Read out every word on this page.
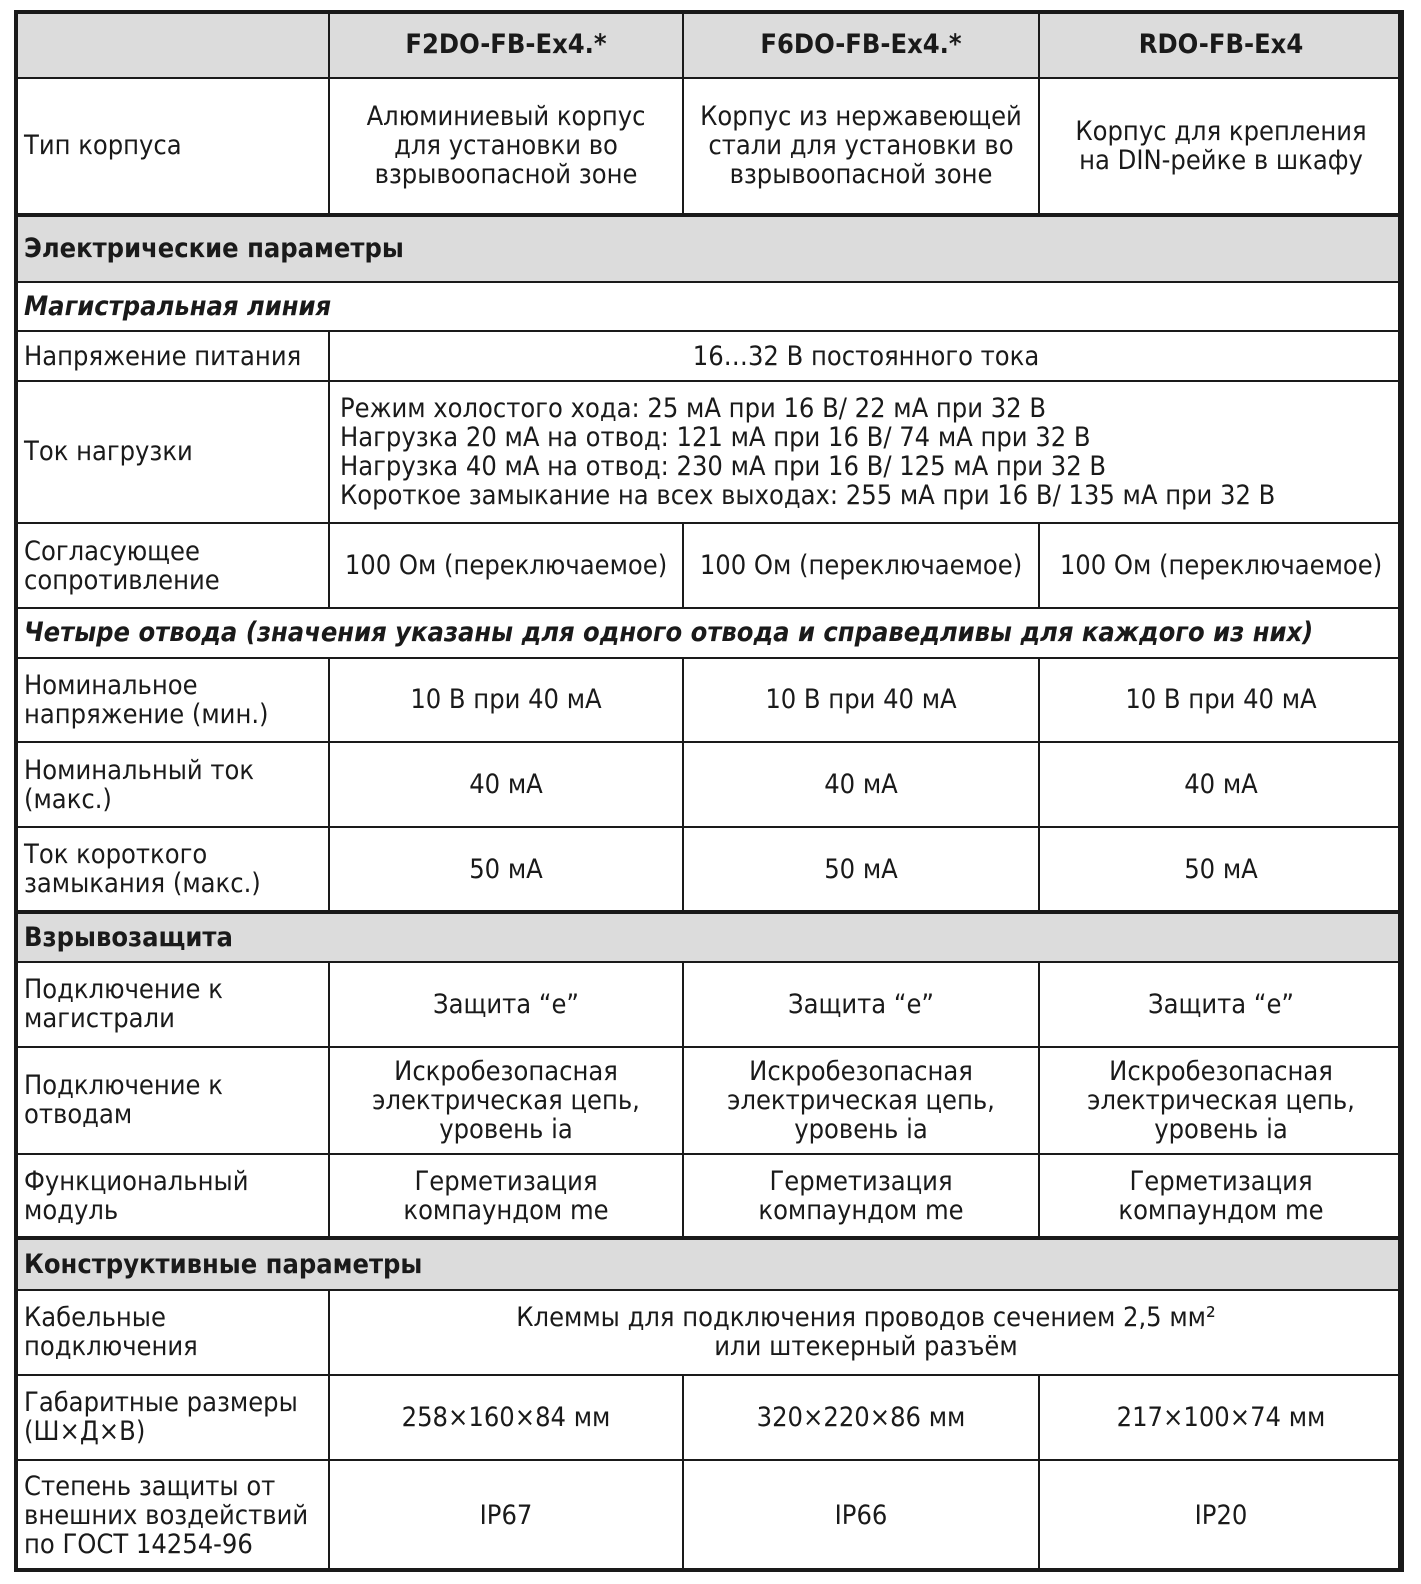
	F2DO-FB-Ex4.*	F6DO-FB-Ex4.*	RDO-FB-Ex4
Тип корпуса	Алюминиевый корпус
для установки во
взрывоопасной зоне	Корпус из нержавеющей
стали для установки во
взрывоопасной зоне	Корпус для крепления
на DIN-рейке в шкафу
Электрические параметры			
Магистральная линия			
Напряжение питания	16…32 В постоянного тока		
Ток нагрузки	Режим холостого хода: 25 мА при 16 В/ 22 мА при 32 В
Нагрузка 20 мА на отвод: 121 мА при 16 В/ 74 мА при 32 В
Нагрузка 40 мА на отвод: 230 мА при 16 В/ 125 мА при 32 В
Короткое замыкание на всех выходах: 255 мА при 16 В/ 135 мА при 32 В		
Согласующее
сопротивление	100 Ом (переключаемое)	100 Ом (переключаемое)	100 Ом (переключаемое)
Четыре отвода (значения указаны для одного отвода и справедливы для каждого из них)			
Номинальное
напряжение (мин.)	10 В при 40 мА	10 В при 40 мА	10 В при 40 мА
Номинальный ток
(макс.)	40 мА	40 мА	40 мА
Ток короткого
замыкания (макс.)	50 мА	50 мА	50 мА
Взрывозащита			
Подключение к
магистрали	Защита “е”	Защита “е”	Защита “е”
Подключение к
отводам	Искробезопасная
электрическая цепь,
уровень ia	Искробезопасная
электрическая цепь,
уровень ia	Искробезопасная
электрическая цепь,
уровень ia
Функциональный
модуль	Герметизация
компаундом me	Герметизация
компаундом me	Герметизация
компаундом me
Конструктивные параметры			
Кабельные
подключения	Клеммы для подключения проводов сечением 2,5 мм²
или штекерный разъём		
Габаритные размеры
(Ш×Д×В)	258×160×84 мм	320×220×86 мм	217×100×74 мм
Степень защиты от
внешних воздействий
по ГОСТ 14254-96	IP67	IP66	IP20
